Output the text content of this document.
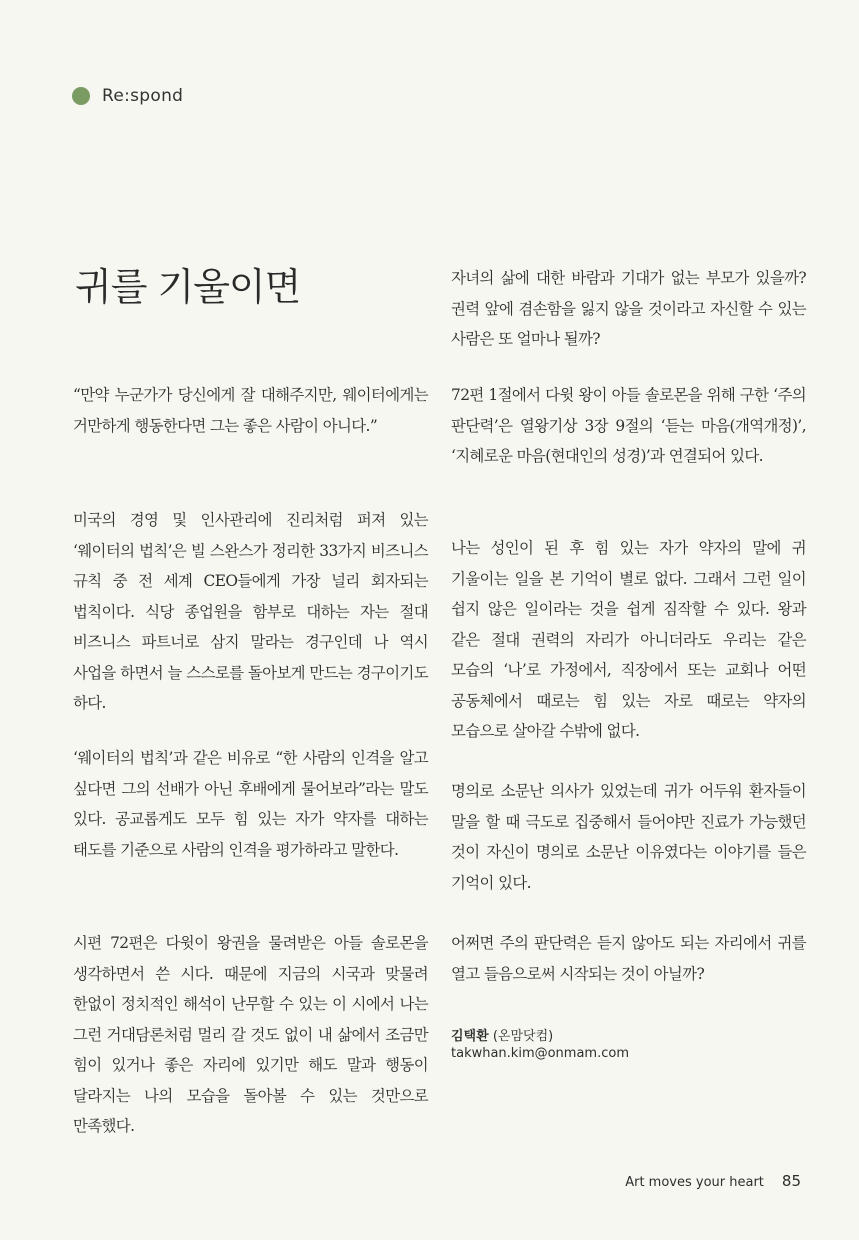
Re:spond
귀를 기울이면

“만약 누군가가 당신에게 잘 대해주지만, 웨이터에게는 거만하게 행동한다면 그는 좋은 사람이 아니다.”

미국의 경영 및 인사관리에 진리처럼 퍼져 있는 ‘웨이터의 법칙’은 빌 스완스가 정리한 33가지 비즈니스 규칙 중 전 세계 CEO들에게 가장 널리 회자되는 법칙이다. 식당 종업원을 함부로 대하는 자는 절대 비즈니스 파트너로 삼지 말라는 경구인데 나 역시 사업을 하면서 늘 스스로를 돌아보게 만드는 경구이기도 하다.

‘웨이터의 법칙’과 같은 비유로 “한 사람의 인격을 알고 싶다면 그의 선배가 아닌 후배에게 물어보라”라는 말도 있다. 공교롭게도 모두 힘 있는 자가 약자를 대하는 태도를 기준으로 사람의 인격을 평가하라고 말한다.

시편 72편은 다윗이 왕권을 물려받은 아들 솔로몬을 생각하면서 쓴 시다. 때문에 지금의 시국과 맞물려 한없이 정치적인 해석이 난무할 수 있는 이 시에서 나는 그런 거대담론처럼 멀리 갈 것도 없이 내 삶에서 조금만 힘이 있거나 좋은 자리에 있기만 해도 말과 행동이 달라지는 나의 모습을 돌아볼 수 있는 것만으로 만족했다.

자녀의 삶에 대한 바람과 기대가 없는 부모가 있을까? 권력 앞에 겸손함을 잃지 않을 것이라고 자신할 수 있는 사람은 또 얼마나 될까?

72편 1절에서 다윗 왕이 아들 솔로몬을 위해 구한 ‘주의 판단력’은 열왕기상 3장 9절의 ‘듣는 마음(개역개정)’, ‘지혜로운 마음(현대인의 성경)’과 연결되어 있다.

나는 성인이 된 후 힘 있는 자가 약자의 말에 귀 기울이는 일을 본 기억이 별로 없다. 그래서 그런 일이 쉽지 않은 일이라는 것을 쉽게 짐작할 수 있다. 왕과 같은 절대 권력의 자리가 아니더라도 우리는 같은 모습의 ‘나’로 가정에서, 직장에서 또는 교회나 어떤 공동체에서 때로는 힘 있는 자로 때로는 약자의 모습으로 살아갈 수밖에 없다.

명의로 소문난 의사가 있었는데 귀가 어두워 환자들이 말을 할 때 극도로 집중해서 들어야만 진료가 가능했던 것이 자신이 명의로 소문난 이유였다는 이야기를 들은 기억이 있다.

어쩌면 주의 판단력은 듣지 않아도 되는 자리에서 귀를 열고 들음으로써 시작되는 것이 아닐까?

김택환 (온맘닷컴)
takwhan.kim@onmam.com
Art moves your heart 85
